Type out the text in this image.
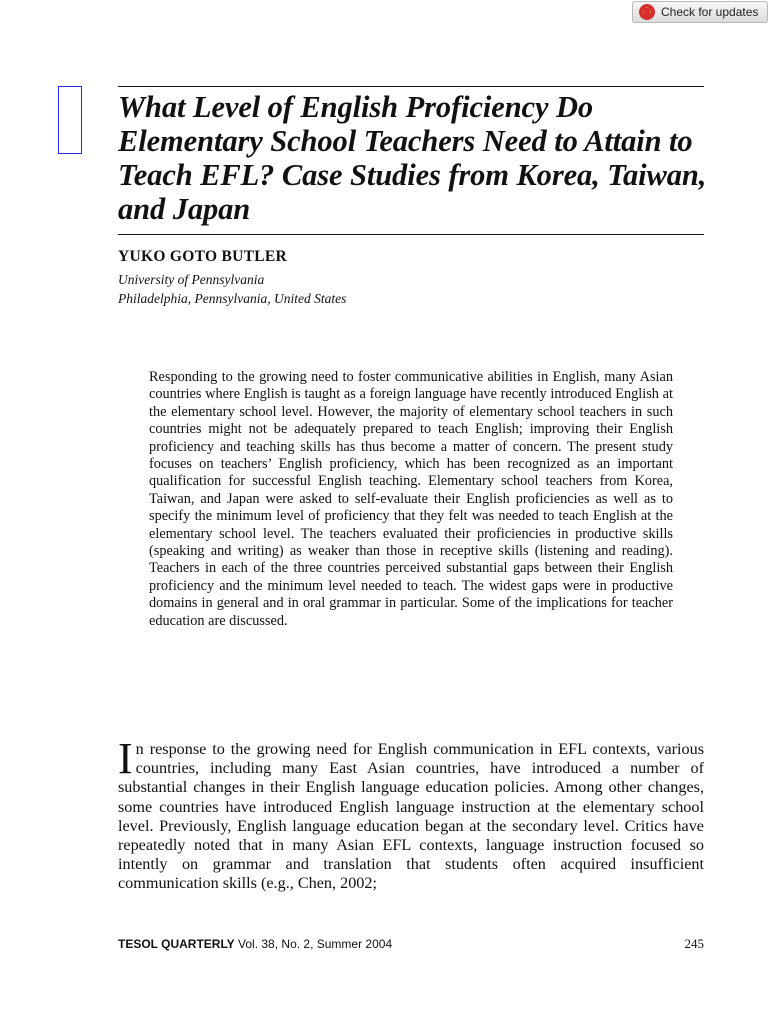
Check for updates
What Level of English Proficiency Do Elementary School Teachers Need to Attain to Teach EFL? Case Studies from Korea, Taiwan, and Japan

YUKO GOTO BUTLER

University of Pennsylvania
Philadelphia, Pennsylvania, United States

Responding to the growing need to foster communicative abilities in English, many Asian countries where English is taught as a foreign language have recently introduced English at the elementary school level. However, the majority of elementary school teachers in such countries might not be adequately prepared to teach English; improving their English proficiency and teaching skills has thus become a matter of concern. The present study focuses on teachers’ English proficiency, which has been recognized as an important qualification for successful English teaching. Elementary school teachers from Korea, Taiwan, and Japan were asked to self-evaluate their English proficiencies as well as to specify the minimum level of proficiency that they felt was needed to teach English at the elementary school level. The teachers evaluated their proficiencies in productive skills (speaking and writing) as weaker than those in receptive skills (listening and reading). Teachers in each of the three countries perceived substantial gaps between their English proficiency and the minimum level needed to teach. The widest gaps were in productive domains in general and in oral grammar in particular. Some of the implications for teacher education are discussed.

In response to the growing need for English communication in EFL contexts, various countries, including many East Asian countries, have introduced a number of substantial changes in their English language education policies. Among other changes, some countries have introduced English language instruction at the elementary school level. Previously, English language education began at the secondary level. Critics have repeatedly noted that in many Asian EFL contexts, language instruction focused so intently on grammar and translation that students often acquired insufficient communication skills (e.g., Chen, 2002;

TESOL QUARTERLY Vol. 38, No. 2, Summer 2004	245
